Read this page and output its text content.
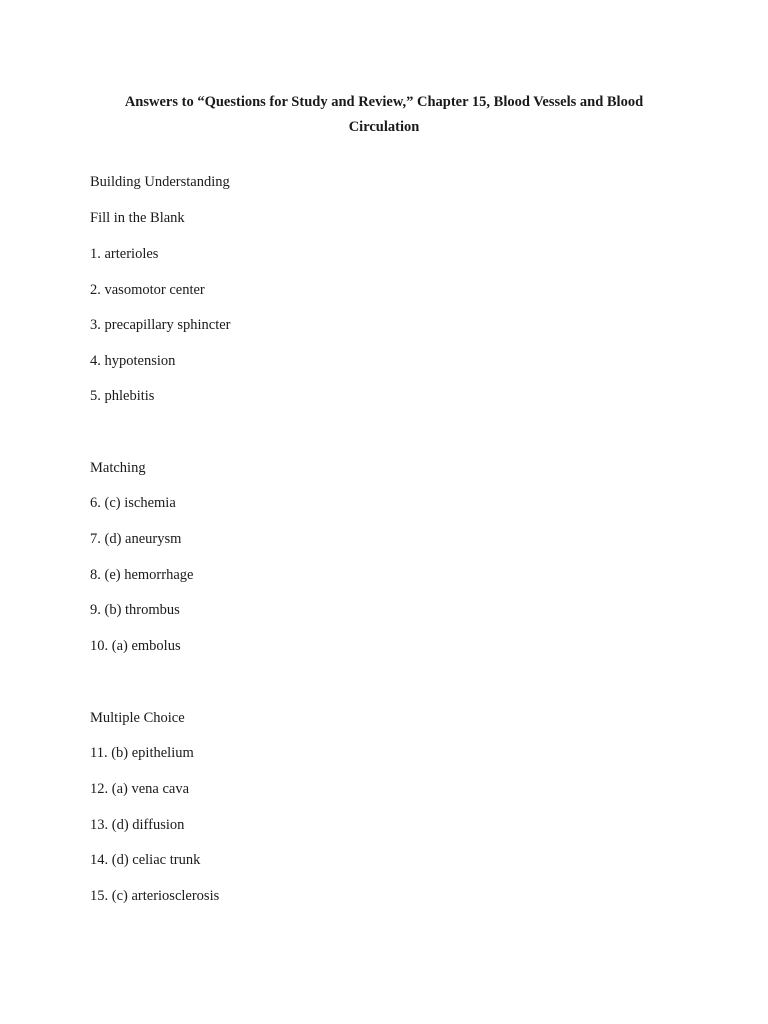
Answers to “Questions for Study and Review,” Chapter 15, Blood Vessels and Blood Circulation

Building Understanding

Fill in the Blank

1. arterioles

2. vasomotor center

3. precapillary sphincter

4. hypotension

5. phlebitis

Matching

6. (c) ischemia

7. (d) aneurysm

8. (e) hemorrhage

9. (b) thrombus

10. (a) embolus

Multiple Choice

11. (b) epithelium

12. (a) vena cava

13. (d) diffusion

14. (d) celiac trunk

15. (c) arteriosclerosis
